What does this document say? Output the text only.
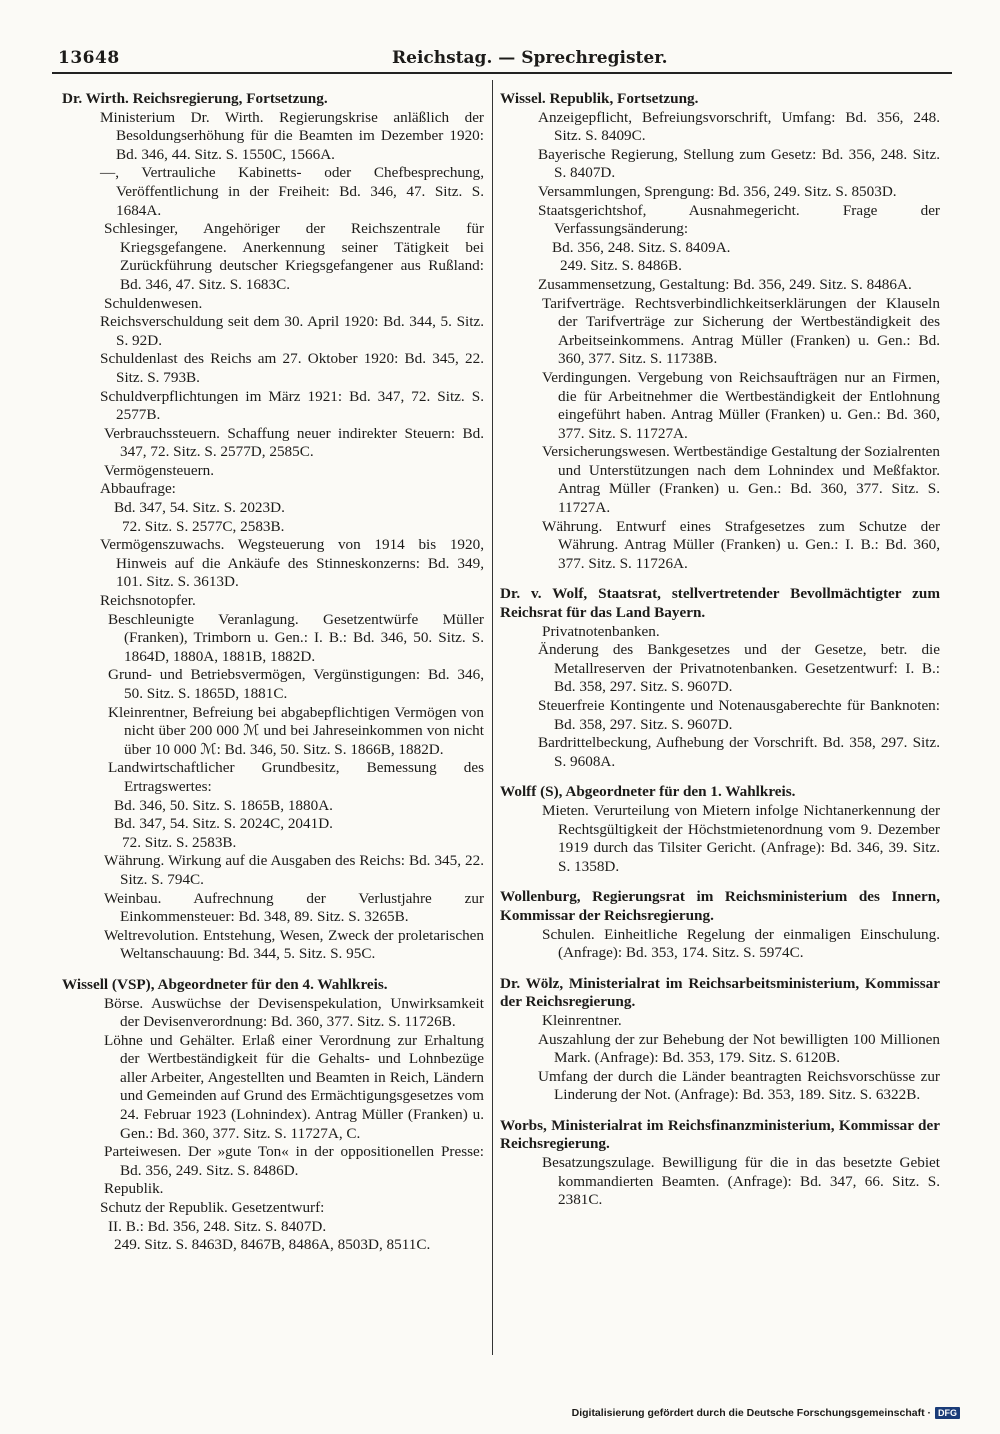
13648	Reichstag. — Sprechregister.
Dr. Wirth. Reichsregierung, Fortsetzung.
Ministerium Dr. Wirth. Regierungskrise anläßlich der Besoldungserhöhung für die Beamten im Dezember 1920: Bd. 346, 44. Sitz. S. 1550C, 1566A.
—, Vertrauliche Kabinetts- oder Chefbesprechung, Veröffentlichung in der Freiheit: Bd. 346, 47. Sitz. S. 1684A.
Schlesinger, Angehöriger der Reichszentrale für Kriegsgefangene. Anerkennung seiner Tätigkeit bei Zurückführung deutscher Kriegsgefangener aus Rußland: Bd. 346, 47. Sitz. S. 1683C.
Schuldenwesen.
Reichsverschuldung seit dem 30. April 1920: Bd. 344, 5. Sitz. S. 92D.
Schuldenlast des Reichs am 27. Oktober 1920: Bd. 345, 22. Sitz. S. 793B.
Schuldverpflichtungen im März 1921: Bd. 347, 72. Sitz. S. 2577B.
Verbrauchssteuern. Schaffung neuer indirekter Steuern: Bd. 347, 72. Sitz. S. 2577D, 2585C.
Vermögensteuern.
Abbaufrage:
Bd. 347, 54. Sitz. S. 2023D.
72. Sitz. S. 2577C, 2583B.
Vermögenszuwachs. Wegsteuerung von 1914 bis 1920, Hinweis auf die Ankäufe des Stinneskonzerns: Bd. 349, 101. Sitz. S. 3613D.
Reichsnotopfer.
Beschleunigte Veranlagung. Gesetzentwürfe Müller (Franken), Trimborn u. Gen.: I. B.: Bd. 346, 50. Sitz. S. 1864D, 1880A, 1881B, 1882D.
Grund- und Betriebsvermögen, Vergünstigungen: Bd. 346, 50. Sitz. S. 1865D, 1881C.
Kleinrentner, Befreiung bei abgabepflichtigen Vermögen von nicht über 200 000 ℳ und bei Jahreseinkommen von nicht über 10 000 ℳ: Bd. 346, 50. Sitz. S. 1866B, 1882D.
Landwirtschaftlicher Grundbesitz, Bemessung des Ertragswertes:
Bd. 346, 50. Sitz. S. 1865B, 1880A.
Bd. 347, 54. Sitz. S. 2024C, 2041D.
72. Sitz. S. 2583B.
Währung. Wirkung auf die Ausgaben des Reichs: Bd. 345, 22. Sitz. S. 794C.
Weinbau. Aufrechnung der Verlustjahre zur Einkommensteuer: Bd. 348, 89. Sitz. S. 3265B.
Weltrevolution. Entstehung, Wesen, Zweck der proletarischen Weltanschauung: Bd. 344, 5. Sitz. S. 95C.
Wissell (VSP), Abgeordneter für den 4. Wahlkreis.
Börse. Auswüchse der Devisenspekulation, Unwirksamkeit der Devisenverordnung: Bd. 360, 377. Sitz. S. 11726B.
Löhne und Gehälter. Erlaß einer Verordnung zur Erhaltung der Wertbeständigkeit für die Gehalts- und Lohnbezüge aller Arbeiter, Angestellten und Beamten in Reich, Ländern und Gemeinden auf Grund des Ermächtigungsgesetzes vom 24. Februar 1923 (Lohnindex). Antrag Müller (Franken) u. Gen.: Bd. 360, 377. Sitz. S. 11727A, C.
Parteiwesen. Der »gute Ton« in der oppositionellen Presse: Bd. 356, 249. Sitz. S. 8486D.
Republik.
Schutz der Republik. Gesetzentwurf:
II. B.: Bd. 356, 248. Sitz. S. 8407D.
249. Sitz. S. 8463D, 8467B, 8486A, 8503D, 8511C.
Wissel. Republik, Fortsetzung.
Anzeigepflicht, Befreiungsvorschrift, Umfang: Bd. 356, 248. Sitz. S. 8409C.
Bayerische Regierung, Stellung zum Gesetz: Bd. 356, 248. Sitz. S. 8407D.
Versammlungen, Sprengung: Bd. 356, 249. Sitz. S. 8503D.
Staatsgerichtshof, Ausnahmegericht. Frage der Verfassungsänderung:
Bd. 356, 248. Sitz. S. 8409A.
249. Sitz. S. 8486B.
Zusammensetzung, Gestaltung: Bd. 356, 249. Sitz. S. 8486A.
Tarifverträge. Rechtsverbindlichkeitserklärungen der Klauseln der Tarifverträge zur Sicherung der Wertbeständigkeit des Arbeitseinkommens. Antrag Müller (Franken) u. Gen.: Bd. 360, 377. Sitz. S. 11738B.
Verdingungen. Vergebung von Reichsaufträgen nur an Firmen, die für Arbeitnehmer die Wertbeständigkeit der Entlohnung eingeführt haben. Antrag Müller (Franken) u. Gen.: Bd. 360, 377. Sitz. S. 11727A.
Versicherungswesen. Wertbeständige Gestaltung der Sozialrenten und Unterstützungen nach dem Lohnindex und Meßfaktor. Antrag Müller (Franken) u. Gen.: Bd. 360, 377. Sitz. S. 11727A.
Währung. Entwurf eines Strafgesetzes zum Schutze der Währung. Antrag Müller (Franken) u. Gen.: I. B.: Bd. 360, 377. Sitz. S. 11726A.
Dr. v. Wolf, Staatsrat, stellvertretender Bevollmächtigter zum Reichsrat für das Land Bayern.
Privatnotenbanken.
Änderung des Bankgesetzes und der Gesetze, betr. die Metallreserven der Privatnotenbanken. Gesetzentwurf: I. B.: Bd. 358, 297. Sitz. S. 9607D.
Steuerfreie Kontingente und Notenausgaberechte für Banknoten: Bd. 358, 297. Sitz. S. 9607D.
Bardrittelbeckung, Aufhebung der Vorschrift. Bd. 358, 297. Sitz. S. 9608A.
Wolff (S), Abgeordneter für den 1. Wahlkreis.
Mieten. Verurteilung von Mietern infolge Nichtanerkennung der Rechtsgültigkeit der Höchstmietenordnung vom 9. Dezember 1919 durch das Tilsiter Gericht. (Anfrage): Bd. 346, 39. Sitz. S. 1358D.
Wollenburg, Regierungsrat im Reichsministerium des Innern, Kommissar der Reichsregierung.
Schulen. Einheitliche Regelung der einmaligen Einschulung. (Anfrage): Bd. 353, 174. Sitz. S. 5974C.
Dr. Wölz, Ministerialrat im Reichsarbeitsministerium, Kommissar der Reichsregierung.
Kleinrentner.
Auszahlung der zur Behebung der Not bewilligten 100 Millionen Mark. (Anfrage): Bd. 353, 179. Sitz. S. 6120B.
Umfang der durch die Länder beantragten Reichsvorschüsse zur Linderung der Not. (Anfrage): Bd. 353, 189. Sitz. S. 6322B.
Worbs, Ministerialrat im Reichsfinanzministerium, Kommissar der Reichsregierung.
Besatzungszulage. Bewilligung für die in das besetzte Gebiet kommandierten Beamten. (Anfrage): Bd. 347, 66. Sitz. S. 2381C.
Digitalisierung gefördert durch die Deutsche Forschungsgemeinschaft · DFG
